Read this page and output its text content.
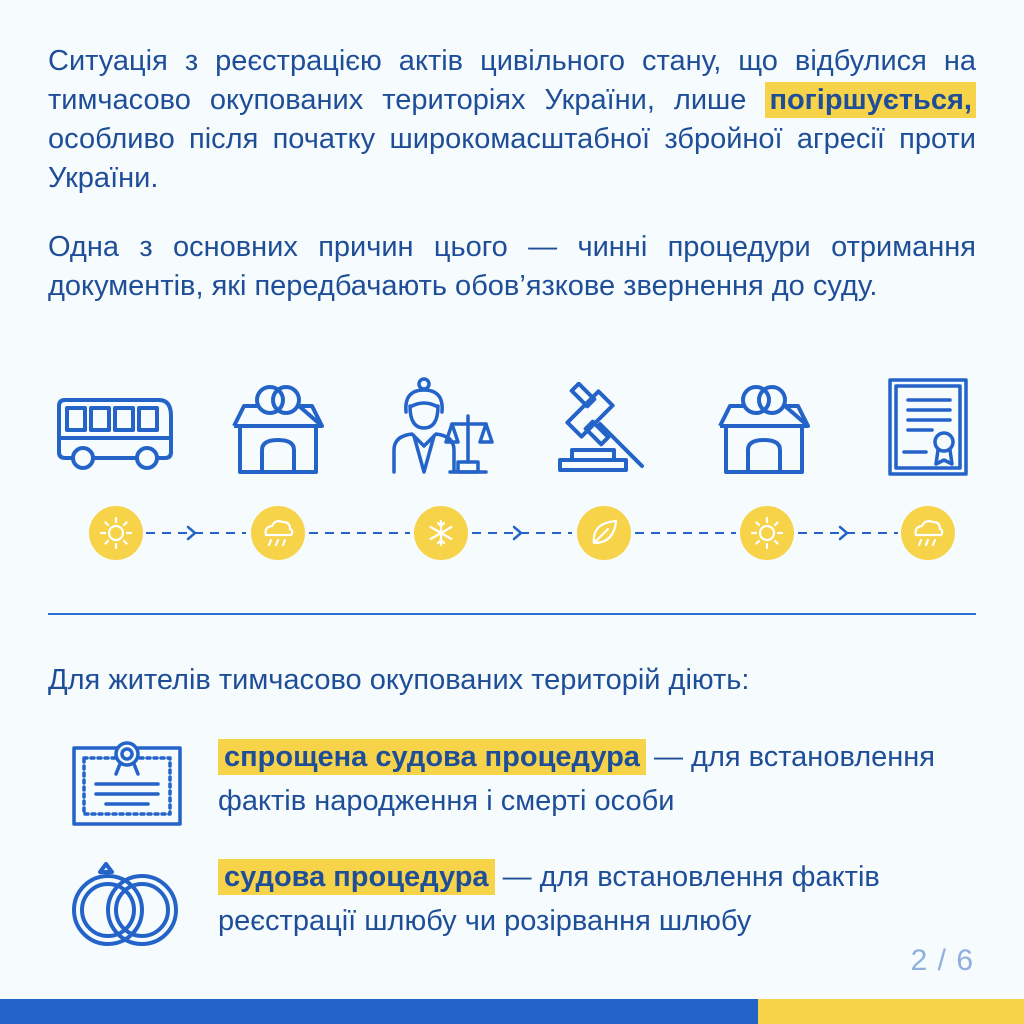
Ситуація з реєстрацією актів цивільного стану, що відбулися на тимчасово окупованих територіях України, лише погіршується, особливо після початку широкомасштабної збройної агресії проти України.

Одна з основних причин цього — чинні процедури отримання документів, які передбачають обов’язкове звернення до суду.

Для жителів тимчасово окупованих територій діють:

спрощена судова процедура — для встановлення фактів народження і смерті особи

судова процедура — для встановлення фактів реєстрації шлюбу чи розірвання шлюбу

2 / 6
